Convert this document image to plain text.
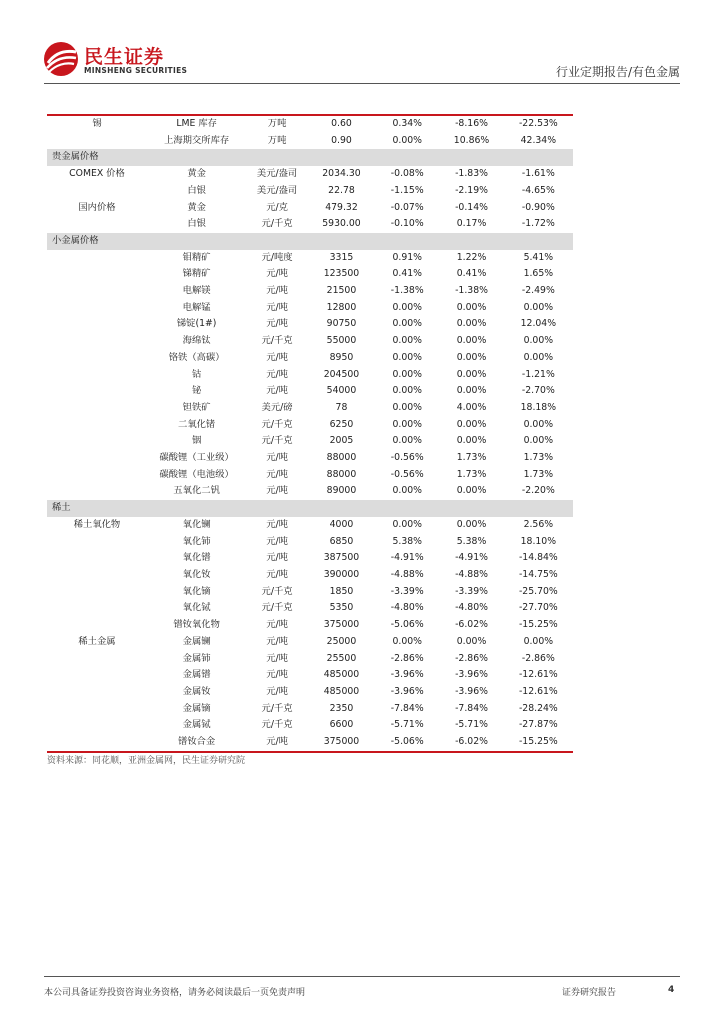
民生证券
MINSHENG SECURITIES	行业定期报告/有色金属
锡	LME 库存	万吨	0.60	0.34%	-8.16%	-22.53%
	上海期交所库存	万吨	0.90	0.00%	10.86%	42.34%
贵金属价格						
COMEX 价格	黄金	美元/盎司	2034.30	-0.08%	-1.83%	-1.61%
	白银	美元/盎司	22.78	-1.15%	-2.19%	-4.65%
国内价格	黄金	元/克	479.32	-0.07%	-0.14%	-0.90%
	白银	元/千克	5930.00	-0.10%	0.17%	-1.72%
小金属价格						
	钼精矿	元/吨度	3315	0.91%	1.22%	5.41%
	锑精矿	元/吨	123500	0.41%	0.41%	1.65%
	电解镁	元/吨	21500	-1.38%	-1.38%	-2.49%
	电解锰	元/吨	12800	0.00%	0.00%	0.00%
	锑锭(1#)	元/吨	90750	0.00%	0.00%	12.04%
	海绵钛	元/千克	55000	0.00%	0.00%	0.00%
	铬铁（高碳）	元/吨	8950	0.00%	0.00%	0.00%
	钴	元/吨	204500	0.00%	0.00%	-1.21%
	铋	元/吨	54000	0.00%	0.00%	-2.70%
	钽铁矿	美元/磅	78	0.00%	4.00%	18.18%
	二氧化锗	元/千克	6250	0.00%	0.00%	0.00%
	铟	元/千克	2005	0.00%	0.00%	0.00%
	碳酸锂（工业级）	元/吨	88000	-0.56%	1.73%	1.73%
	碳酸锂（电池级）	元/吨	88000	-0.56%	1.73%	1.73%
	五氧化二钒	元/吨	89000	0.00%	0.00%	-2.20%
稀土						
稀土氧化物	氧化镧	元/吨	4000	0.00%	0.00%	2.56%
	氧化铈	元/吨	6850	5.38%	5.38%	18.10%
	氧化镨	元/吨	387500	-4.91%	-4.91%	-14.84%
	氧化钕	元/吨	390000	-4.88%	-4.88%	-14.75%
	氧化镝	元/千克	1850	-3.39%	-3.39%	-25.70%
	氧化铽	元/千克	5350	-4.80%	-4.80%	-27.70%
	镨钕氧化物	元/吨	375000	-5.06%	-6.02%	-15.25%
稀土金属	金属镧	元/吨	25000	0.00%	0.00%	0.00%
	金属铈	元/吨	25500	-2.86%	-2.86%	-2.86%
	金属镨	元/吨	485000	-3.96%	-3.96%	-12.61%
	金属钕	元/吨	485000	-3.96%	-3.96%	-12.61%
	金属镝	元/千克	2350	-7.84%	-7.84%	-28.24%
	金属铽	元/千克	6600	-5.71%	-5.71%	-27.87%
	镨钕合金	元/吨	375000	-5.06%	-6.02%	-15.25%
资料来源：同花顺，亚洲金属网，民生证券研究院
本公司具备证券投资咨询业务资格，请务必阅读最后一页免责声明	证券研究报告	4
